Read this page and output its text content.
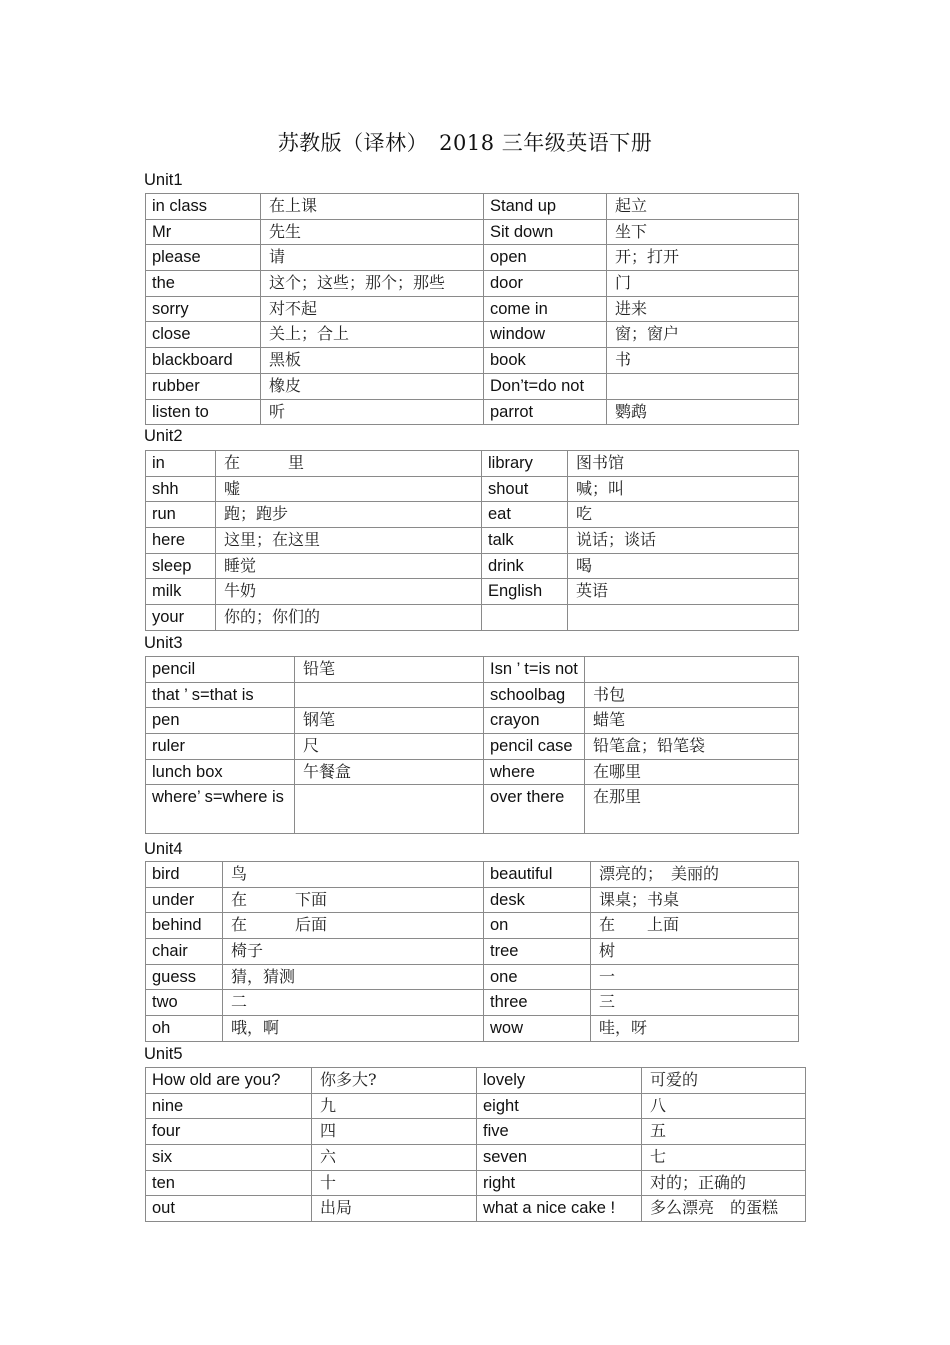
苏教版（译林）　2018 三年级英语下册
Unit1
in class	在上课	Stand up	起立
Mr	先生	Sit down	坐下
please	请	open	开；打开
the	这个；这些；那个；那些	door	门
sorry	对不起	come in	进来
close	关上；合上	window	窗；窗户
blackboard	黑板	book	书
rubber	橡皮	Don’t=do not	
listen to	听	parrot	鹦鹉
Unit2
in	在　　　里	library	图书馆
shh	嘘	shout	喊；叫
run	跑；跑步	eat	吃
here	这里；在这里	talk	说话；谈话
sleep	睡觉	drink	喝
milk	牛奶	English	英语
your	你的；你们的		
Unit3
pencil	铅笔	Isn ’ t=is not	
that ’ s=that is		schoolbag	书包
pen	钢笔	crayon	蜡笔
ruler	尺	pencil case	铅笔盒；铅笔袋
lunch box	午餐盒	where	在哪里
where’ s=where is		over there	在那里
Unit4
bird	鸟	beautiful	漂亮的；　美丽的
under	在　　　下面	desk	课桌；书桌
behind	在　　　后面	on	在　　上面
chair	椅子	tree	树
guess	猜，猜测	one	一
two	二	three	三
oh	哦，啊	wow	哇，呀
Unit5
How old are you?	你多大?	lovely	可爱的
nine	九	eight	八
four	四	five	五
six	六	seven	七
ten	十	right	对的；正确的
out	出局	what a nice cake !	多么漂亮　的蛋糕
